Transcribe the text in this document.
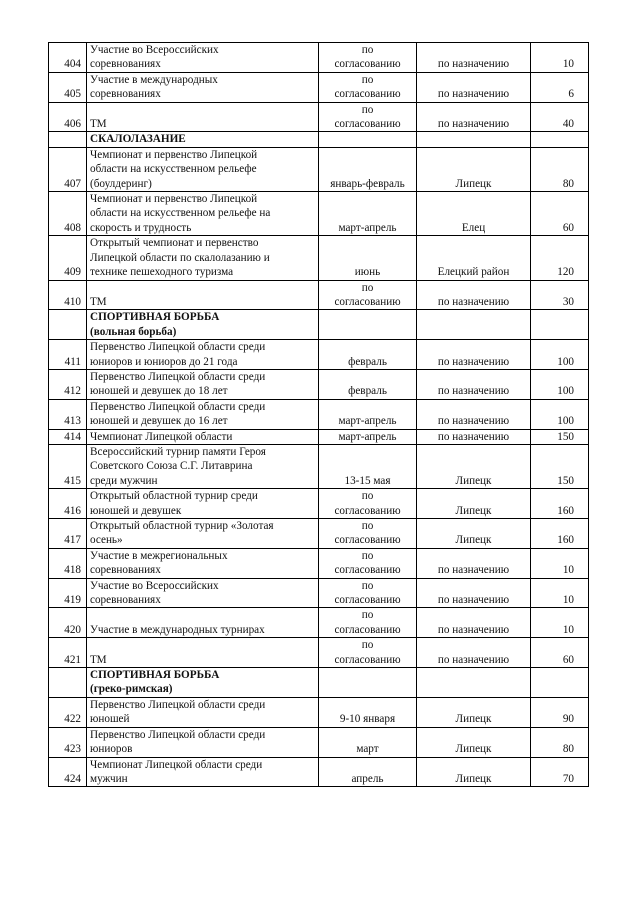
404	Участие во Всероссийских
соревнованиях	по
согласованию	по назначению	10
405	Участие в международных
соревнованиях	по
согласованию	по назначению	6
406	ТМ	по
согласованию	по назначению	40
	СКАЛОЛАЗАНИЕ			
407	Чемпионат и первенство Липецкой
области на искусственном рельефе
(боулдеринг)	январь-февраль	Липецк	80
408	Чемпионат и первенство Липецкой
области на искусственном рельефе на
скорость и трудность	март-апрель	Елец	60
409	Открытый чемпионат и первенство
Липецкой области по скалолазанию и
технике пешеходного туризма	июнь	Елецкий район	120
410	ТМ	по
согласованию	по назначению	30
	СПОРТИВНАЯ БОРЬБА
(вольная борьба)			
411	Первенство Липецкой области среди
юниоров и юниоров до 21 года	февраль	по назначению	100
412	Первенство Липецкой области среди
юношей и девушек до 18 лет	февраль	по назначению	100
413	Первенство Липецкой области среди
юношей и девушек до 16 лет	март-апрель	по назначению	100
414	Чемпионат Липецкой области	март-апрель	по назначению	150
415	Всероссийский турнир памяти Героя
Советского Союза С.Г. Литаврина
среди мужчин	13-15 мая	Липецк	150
416	Открытый областной турнир среди
юношей и девушек	по
согласованию	Липецк	160
417	Открытый областной турнир «Золотая
осень»	по
согласованию	Липецк	160
418	Участие в межрегиональных
соревнованиях	по
согласованию	по назначению	10
419	Участие во Всероссийских
соревнованиях	по
согласованию	по назначению	10
420	Участие в международных турнирах	по
согласованию	по назначению	10
421	ТМ	по
согласованию	по назначению	60
	СПОРТИВНАЯ БОРЬБА
(греко-римская)			
422	Первенство Липецкой области среди
юношей	9-10 января	Липецк	90
423	Первенство Липецкой области среди
юниоров	март	Липецк	80
424	Чемпионат Липецкой области среди
мужчин	апрель	Липецк	70
